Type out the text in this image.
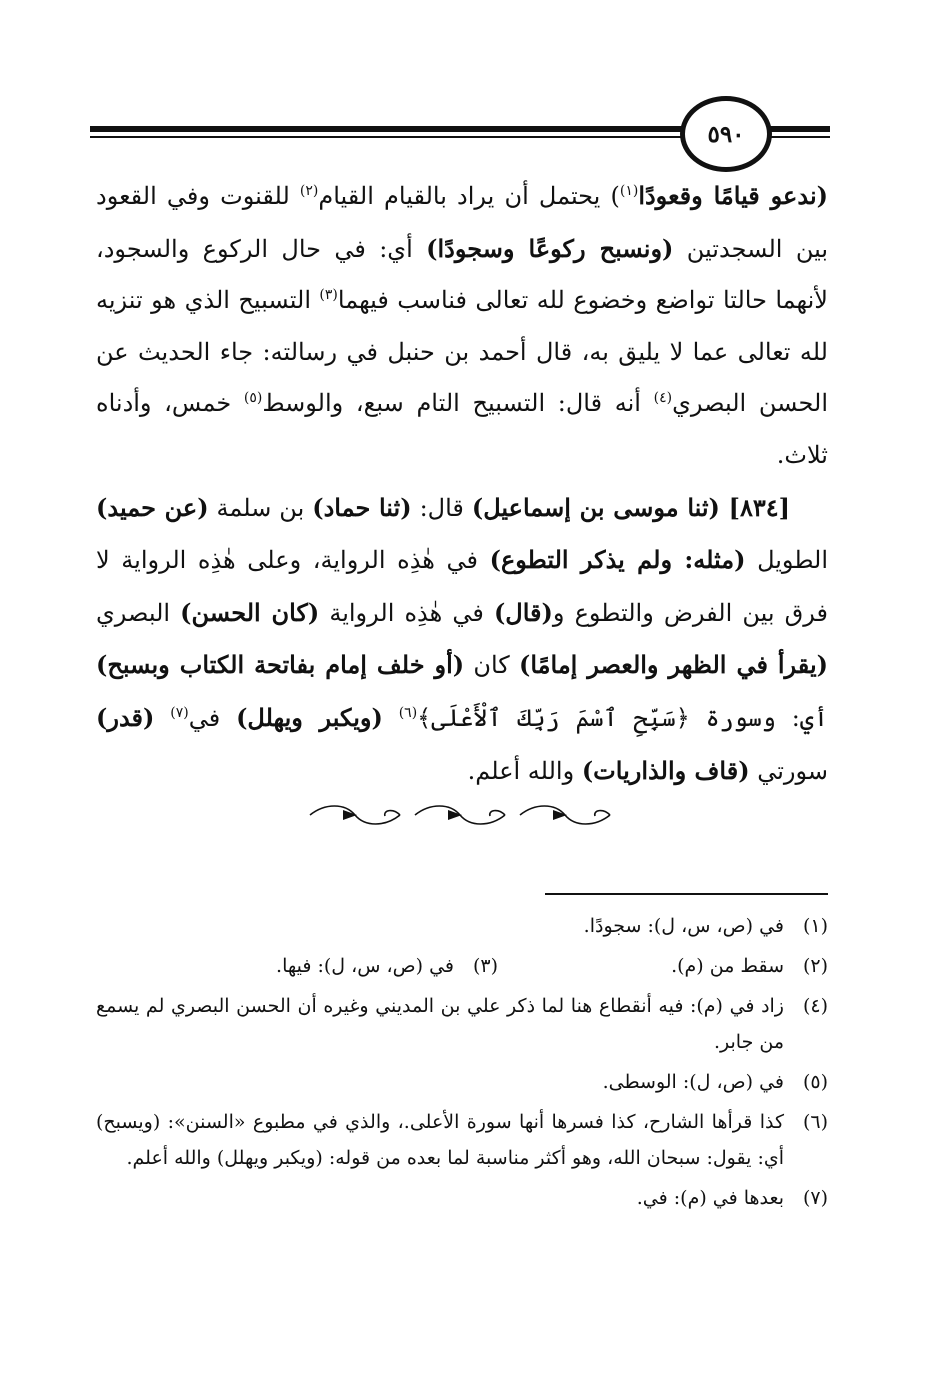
٥٩٠

(ندعو قيامًا وقعودًا$^{(١)}$) يحتمل أن يراد بالقيام القيام$^{(٢)}$ للقنوت وفي القعود بين السجدتين (ونسبح ركوعًا وسجودًا) أي: في حال الركوع والسجود، لأنهما حالتا تواضع وخضوع لله تعالى فناسب فيهما$^{(٣)}$ التسبيح الذي هو تنزيه لله تعالى عما لا يليق به، قال أحمد بن حنبل في رسالته: جاء الحديث عن الحسن البصري$^{(٤)}$ أنه قال: التسبيح التام سبع، والوسط$^{(٥)}$ خمس، وأدناه ثلاث.

[٨٣٤] (ثنا موسى بن إسماعيل) قال: (ثنا حماد) بن سلمة (عن حميد) الطويل (مثله: ولم يذكر التطوع) في هٰذِه الرواية، وعلى هٰذِه الرواية لا فرق بين الفرض والتطوع و(قال) في هٰذِه الرواية (كان الحسن) البصري (يقرأ في الظهر والعصر إمامًا) كان (أو خلف إمام بفاتحة الكتاب وبسبح) أي: وسورة ﴿سَبِّحِ ٱسْمَ رَبِّكَ ٱلْأَعْلَى﴾$^{(٦)}$ (ويكبر ويهلل) في$^{(٧)}$ (قدر) سورتي (قاف والذاريات) والله أعلم.

(١)
في (ص، س، ل): سجودًا.
(٢)
سقط من (م).
(٣)
في (ص، س، ل): فيها.
(٤)
زاد في (م): فيه أنقطاع هنا لما ذكر علي بن المديني وغيره أن الحسن البصري لم يسمع من جابر.
(٥)
في (ص، ل): الوسطى.
(٦)
كذا قرأها الشارح، كذا فسرها أنها سورة الأعلى.، والذي في مطبوع «السنن»: (ويسبح) أي: يقول: سبحان الله، وهو أكثر مناسبة لما بعده من قوله: (ويكبر ويهلل) والله أعلم.
(٧)
بعدها في (م): في.
